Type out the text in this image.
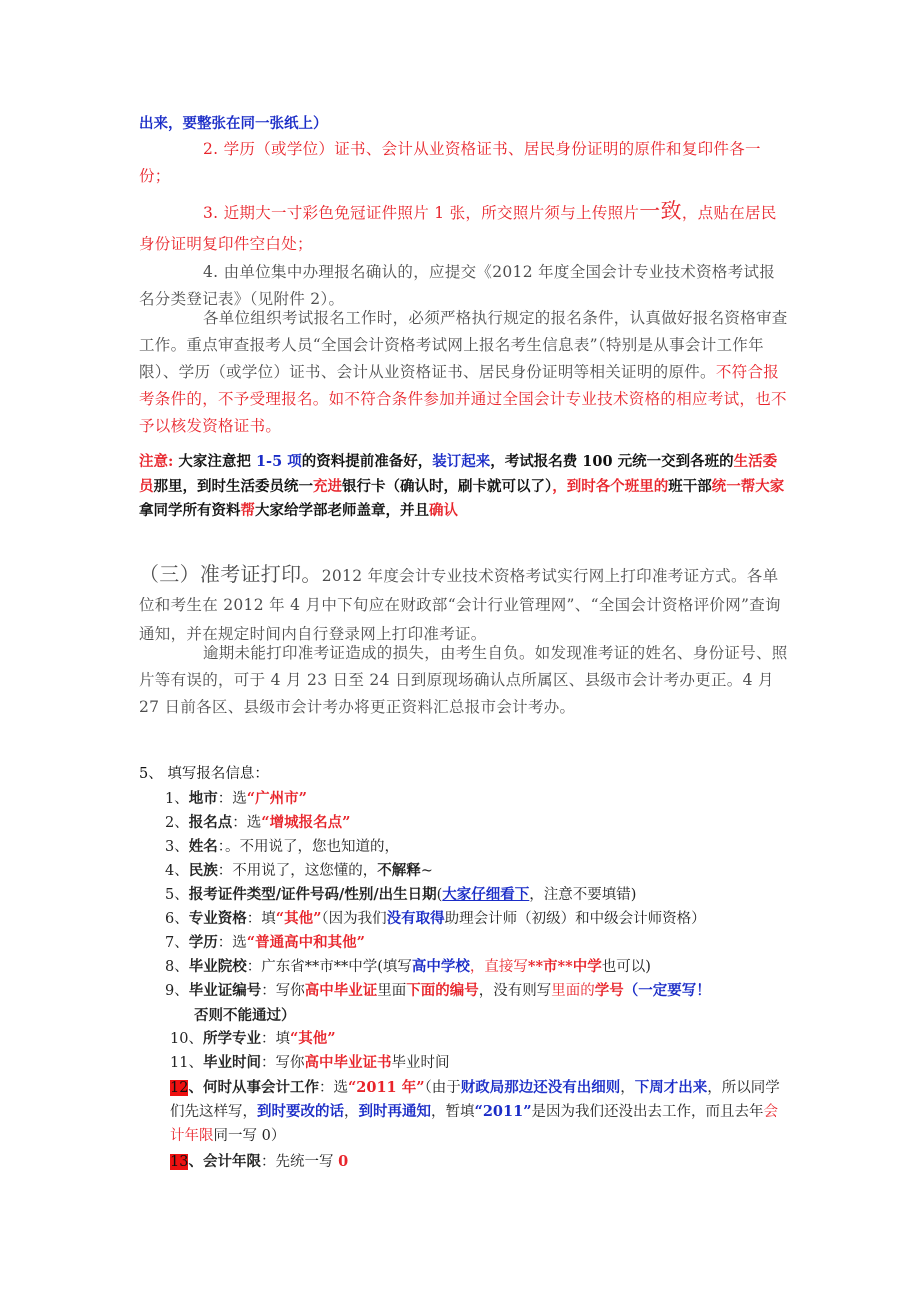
出来，要整张在同一张纸上）

2. 学历（或学位）证书、会计从业资格证书、居民身份证明的原件和复印件各一份；

3. 近期大一寸彩色免冠证件照片 1 张，所交照片须与上传照片一致，点贴在居民身份证明复印件空白处；

4. 由单位集中办理报名确认的，应提交《2012 年度全国会计专业技术资格考试报名分类登记表》（见附件 2）。

各单位组织考试报名工作时，必须严格执行规定的报名条件，认真做好报名资格审查工作。重点审查报考人员“全国会计资格考试网上报名考生信息表”（特别是从事会计工作年限）、学历（或学位）证书、会计从业资格证书、居民身份证明等相关证明的原件。不符合报考条件的，不予受理报名。如不符合条件参加并通过全国会计专业技术资格的相应考试，也不予以核发资格证书。

注意: 大家注意把 1-5 项的资料提前准备好，装订起来，考试报名费 100 元统一交到各班的生活委员那里，到时生活委员统一充进银行卡（确认时，刷卡就可以了），到时各个班里的班干部统一帮大家拿同学所有资料帮大家给学部老师盖章，并且确认

（三）准考证打印。2012 年度会计专业技术资格考试实行网上打印准考证方式。各单位和考生在 2012 年 4 月中下旬应在财政部“会计行业管理网”、“全国会计资格评价网”查询通知，并在规定时间内自行登录网上打印准考证。

逾期未能打印准考证造成的损失，由考生自负。如发现准考证的姓名、身份证号、照片等有误的，可于 4 月 23 日至 24 日到原现场确认点所属区、县级市会计考办更正。4 月 27 日前各区、县级市会计考办将更正资料汇总报市会计考办。

5、 填写报名信息：

1、地市：选“广州市”

2、报名点：选“增城报名点”

3、姓名：。不用说了，您也知道的，

4、民族：不用说了，这您懂的，不解释~

5、报考证件类型/证件号码/性别/出生日期(大家仔细看下，注意不要填错)

6、专业资格：填“其他”（因为我们没有取得助理会计师（初级）和中级会计师资格）

7、学历：选“普通高中和其他”

8、毕业院校：广东省**市**中学(填写高中学校，直接写**市**中学也可以)

9、毕业证编号：写你高中毕业证里面下面的编号，没有则写里面的学号（一定要写！
否则不能通过）

10、所学专业：填“其他”

11、毕业时间：写你高中毕业证书毕业时间

12、何时从事会计工作：选“2011 年”（由于财政局那边还没有出细则，下周才出来，所以同学们先这样写，到时要改的话，到时再通知，暂填“2011”是因为我们还没出去工作，而且去年会计年限同一写 0）

13、会计年限：先统一写 0
